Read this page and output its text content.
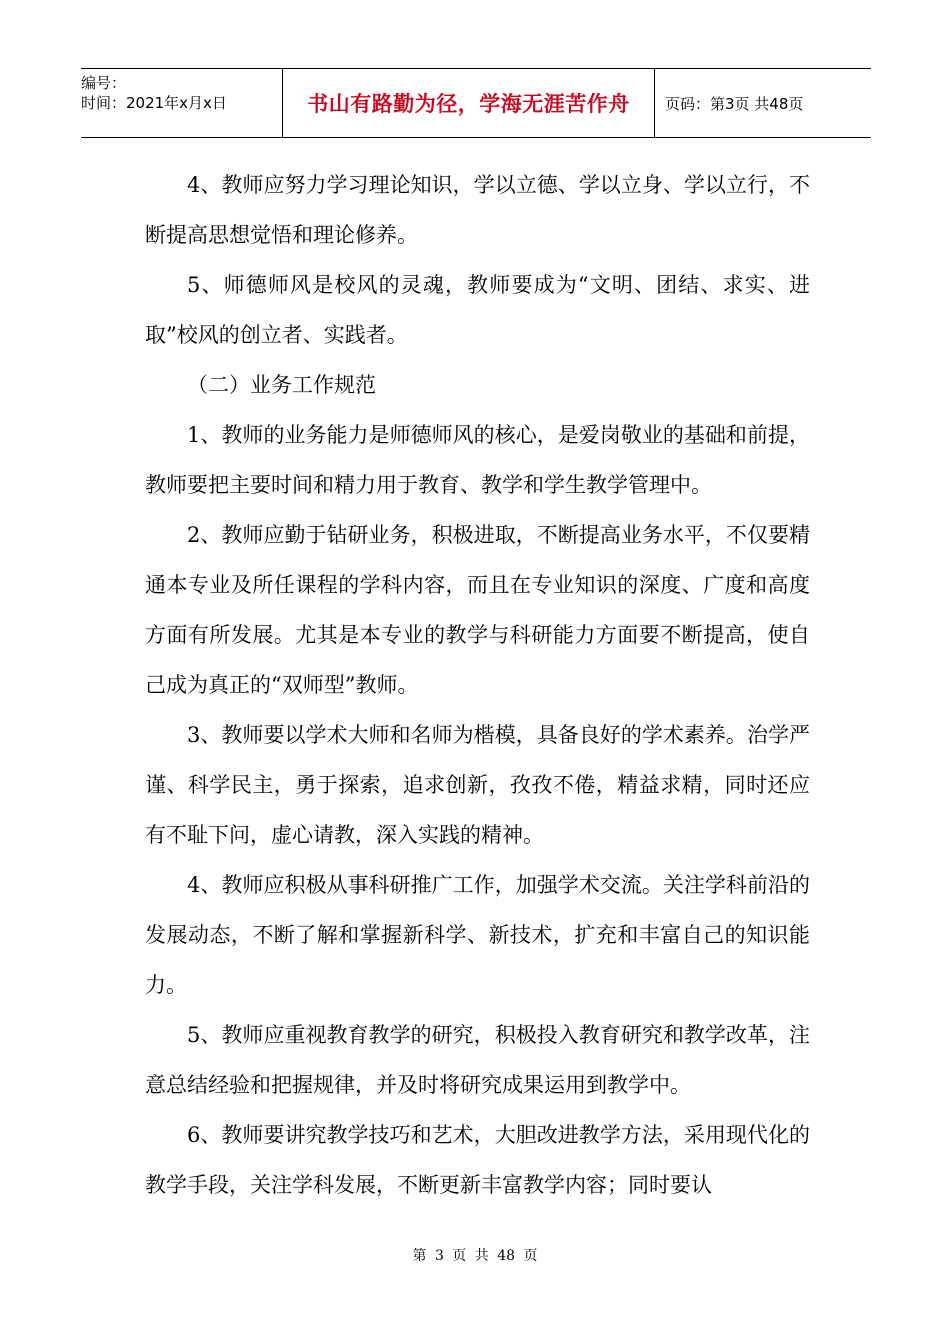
编号：
时间：2021年x月x日	书山有路勤为径，学海无涯苦作舟	页码：第3页 共48页

4、教师应努力学习理论知识，学以立德、学以立身、学以立行，不断提高思想觉悟和理论修养。

5、师德师风是校风的灵魂，教师要成为“文明、团结、求实、进取”校风的创立者、实践者。

（二）业务工作规范

1、教师的业务能力是师德师风的核心，是爱岗敬业的基础和前提，教师要把主要时间和精力用于教育、教学和学生教学管理中。

2、教师应勤于钻研业务，积极进取，不断提高业务水平，不仅要精通本专业及所任课程的学科内容，而且在专业知识的深度、广度和高度方面有所发展。尤其是本专业的教学与科研能力方面要不断提高，使自己成为真正的“双师型”教师。

3、教师要以学术大师和名师为楷模，具备良好的学术素养。治学严谨、科学民主，勇于探索，追求创新，孜孜不倦，精益求精，同时还应有不耻下问，虚心请教，深入实践的精神。

4、教师应积极从事科研推广工作，加强学术交流。关注学科前沿的发展动态，不断了解和掌握新科学、新技术，扩充和丰富自己的知识能力。

5、教师应重视教育教学的研究，积极投入教育研究和教学改革，注意总结经验和把握规律，并及时将研究成果运用到教学中。

6、教师要讲究教学技巧和艺术，大胆改进教学方法，采用现代化的教学手段，关注学科发展，不断更新丰富教学内容；同时要认

第 3 页 共 48 页
